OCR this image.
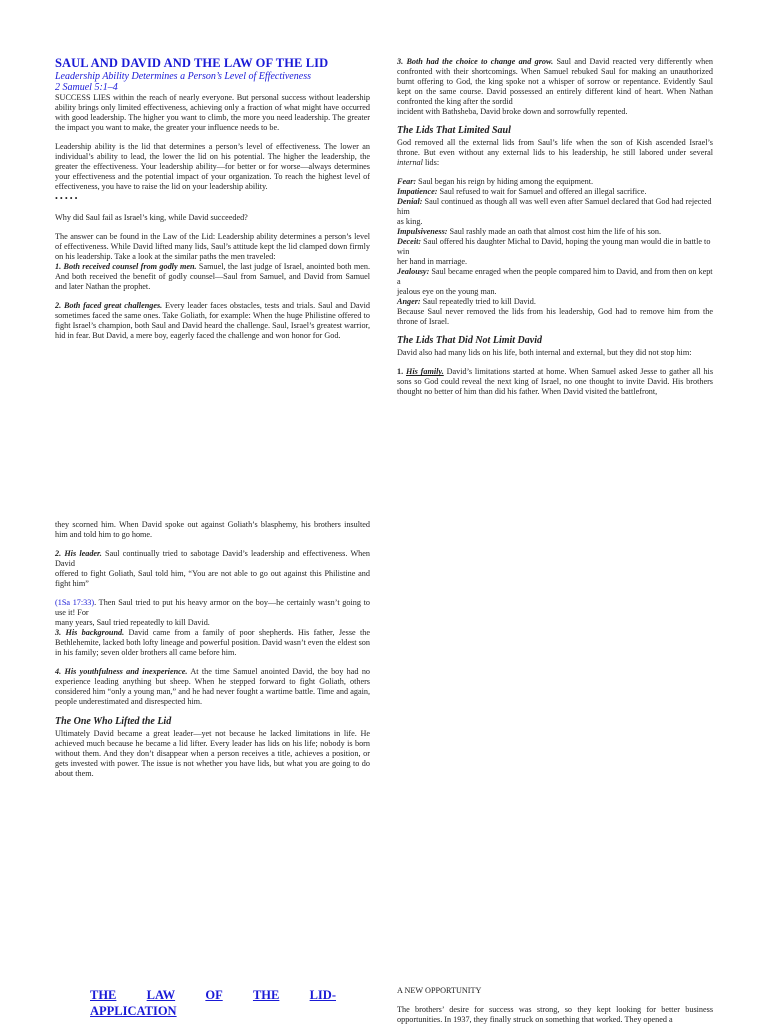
SAUL AND DAVID AND THE LAW OF THE LID
Leadership Ability Determines a Person’s Level of Effectiveness
2 Samuel 5:1–4

SUCCESS LIES within the reach of nearly everyone. But personal success without leadership ability brings only limited effectiveness, achieving only a fraction of what might have occurred with good leadership. The higher you want to climb, the more you need leadership. The greater the impact you want to make, the greater your influence needs to be.

Leadership ability is the lid that determines a person’s level of effectiveness. The lower an individual’s ability to lead, the lower the lid on his potential. The higher the leadership, the greater the effectiveness. Your leadership ability—for better or for worse—always determines your effectiveness and the potential impact of your organization. To reach the highest level of effectiveness, you have to raise the lid on your leadership ability.

• • • • •

Why did Saul fail as Israel’s king, while David succeeded?

The answer can be found in the Law of the Lid: Leadership ability determines a person’s level of effectiveness. While David lifted many lids, Saul’s attitude kept the lid clamped down firmly on his leadership. Take a look at the similar paths the men traveled:

1. Both received counsel from godly men. Samuel, the last judge of Israel, anointed both men. And both received the benefit of godly counsel—Saul from Samuel, and David from Samuel and later Nathan the prophet.

2. Both faced great challenges. Every leader faces obstacles, tests and trials. Saul and David sometimes faced the same ones. Take Goliath, for example: When the huge Philistine offered to fight Israel’s champion, both Saul and David heard the challenge. Saul, Israel’s greatest warrior, hid in fear. But David, a mere boy, eagerly faced the challenge and won honor for God.

3. Both had the choice to change and grow. Saul and David reacted very differently when confronted with their shortcomings. When Samuel rebuked Saul for making an unauthorized burnt offering to God, the king spoke not a whisper of sorrow or repentance. Evidently Saul kept on the same course. David possessed an entirely different kind of heart. When Nathan confronted the king after the sordid

incident with Bathsheba, David broke down and sorrowfully repented.

The Lids That Limited Saul

God removed all the external lids from Saul’s life when the son of Kish ascended Israel’s throne. But even without any external lids to his leadership, he still labored under several internal lids:

Fear: Saul began his reign by hiding among the equipment.

Impatience: Saul refused to wait for Samuel and offered an illegal sacrifice.

Denial: Saul continued as though all was well even after Samuel declared that God had rejected him

as king.

Impulsiveness: Saul rashly made an oath that almost cost him the life of his son.

Deceit: Saul offered his daughter Michal to David, hoping the young man would die in battle to win

her hand in marriage.

Jealousy: Saul became enraged when the people compared him to David, and from then on kept a

jealous eye on the young man.

Anger: Saul repeatedly tried to kill David.

Because Saul never removed the lids from his leadership, God had to remove him from the throne of Israel.

The Lids That Did Not Limit David

David also had many lids on his life, both internal and external, but they did not stop him:

1. His family. David’s limitations started at home. When Samuel asked Jesse to gather all his sons so God could reveal the next king of Israel, no one thought to invite David. His brothers thought no better of him than did his father. When David visited the battlefront,

they scorned him. When David spoke out against Goliath’s blasphemy, his brothers insulted him and told him to go home.

2. His leader. Saul continually tried to sabotage David’s leadership and effectiveness. When David

offered to fight Goliath, Saul told him, “You are not able to go out against this Philistine and fight him”

(1Sa 17:33). Then Saul tried to put his heavy armor on the boy—he certainly wasn’t going to use it! For

many years, Saul tried repeatedly to kill David.

3. His background. David came from a family of poor shepherds. His father, Jesse the Bethlehemite, lacked both lofty lineage and powerful position. David wasn’t even the eldest son in his family; seven older brothers all came before him.

4. His youthfulness and inexperience. At the time Samuel anointed David, the boy had no experience leading anything but sheep. When he stepped forward to fight Goliath, others considered him “only a young man,” and he had never fought a wartime battle. Time and again, people underestimated and disrespected him.

The One Who Lifted the Lid

Ultimately David became a great leader—yet not because he lacked limitations in life. He achieved much because he became a lid lifter. Every leader has lids on his life; nobody is born without them. And they don’t disappear when a person receives a title, achieves a position, or gets invested with power. The issue is not whether you have lids, but what you are going to do about them.

THE LAW OF THE LID-
APPLICATION

A NEW OPPORTUNITY

The brothers’ desire for success was strong, so they kept looking for better business opportunities. In 1937, they finally struck on something that worked. They opened a
